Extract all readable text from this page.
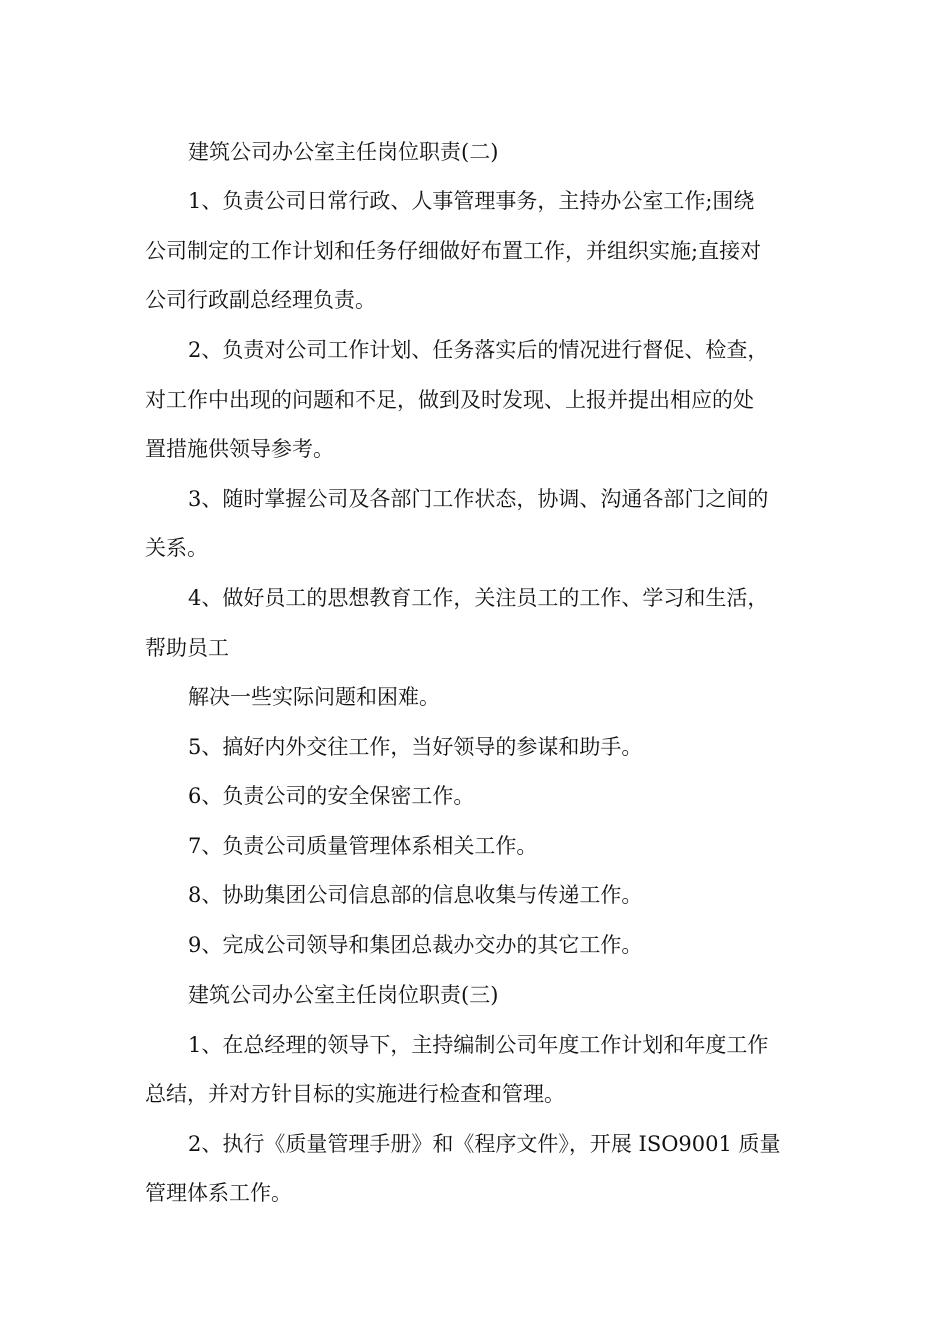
建筑公司办公室主任岗位职责(二)
1、负责公司日常行政、人事管理事务，主持办公室工作;围绕
公司制定的工作计划和任务仔细做好布置工作，并组织实施;直接对
公司行政副总经理负责。
2、负责对公司工作计划、任务落实后的情况进行督促、检查，
对工作中出现的问题和不足，做到及时发现、上报并提出相应的处
置措施供领导参考。
3、随时掌握公司及各部门工作状态，协调、沟通各部门之间的
关系。
4、做好员工的思想教育工作，关注员工的工作、学习和生活，
帮助员工
解决一些实际问题和困难。
5、搞好内外交往工作，当好领导的参谋和助手。
6、负责公司的安全保密工作。
7、负责公司质量管理体系相关工作。
8、协助集团公司信息部的信息收集与传递工作。
9、完成公司领导和集团总裁办交办的其它工作。
建筑公司办公室主任岗位职责(三)
1、在总经理的领导下，主持编制公司年度工作计划和年度工作
总结，并对方针目标的实施进行检查和管理。
2、执行《质量管理手册》和《程序文件》，开展 ISO9001 质量
管理体系工作。
